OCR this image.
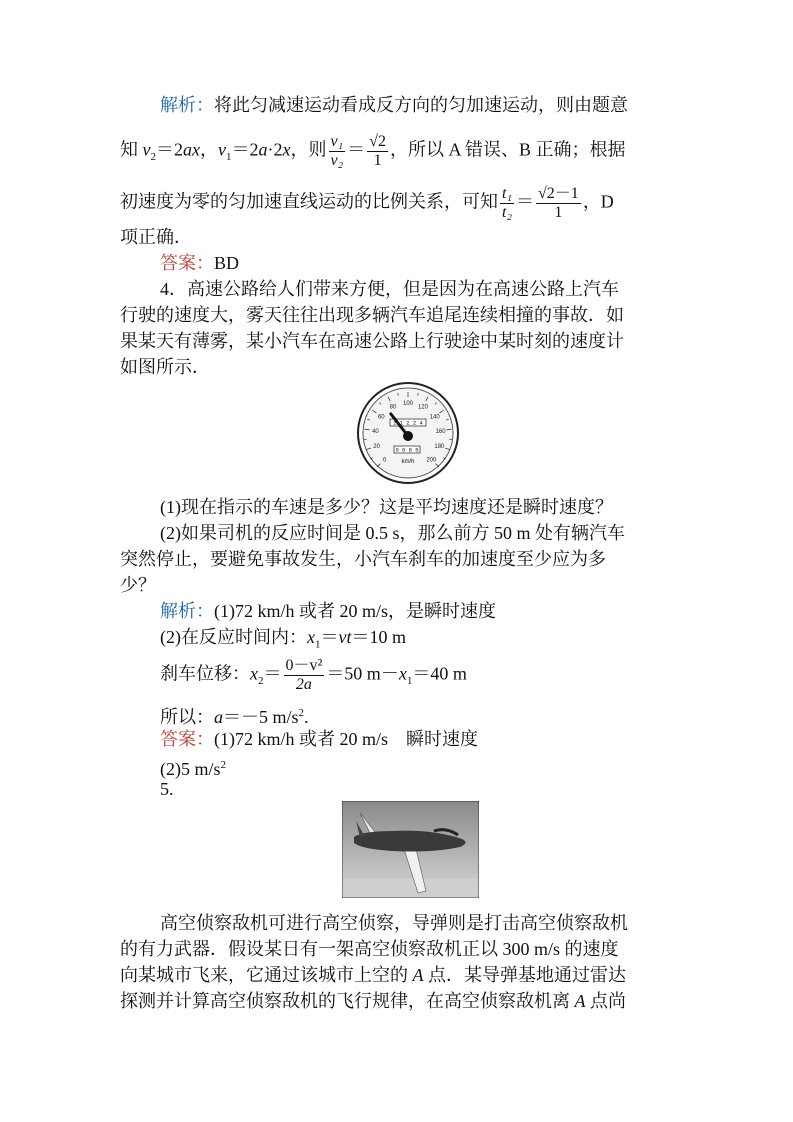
解析：将此匀减速运动看成反方向的匀加速运动，则由题意
知 $v_2=2ax$，$v_1=2a\cdot 2x$，则 $\frac{\text{v₁}}{\text{v₂}} = \frac{√2}{1}$ ，所以 A 错误、B 正确；根据
初速度为零的匀加速直线运动的比例关系，可知 $\frac{\text{t₁}}{\text{t₂}} = \frac{√2-1}{1}$ ，D
项正确．
答案：BD
4．高速公路给人们带来方便，但是因为在高速公路上汽车
行驶的速度大，雾天往往出现多辆汽车追尾连续相撞的事故．如
果某天有薄雾，某小汽车在高速公路上行驶途中某时刻的速度计
如图所示．
0
20
40
60
80
100
120
140
160
180
200
1 1 2 2 4
0 0 8 5
km/h
(1)现在指示的车速是多少？这是平均速度还是瞬时速度？
(2)如果司机的反应时间是 0.5 s，那么前方 50 m 处有辆汽车
突然停止，要避免事故发生，小汽车刹车的加速度至少应为多
少？
解析：(1)72 km/h 或者 20 m/s，是瞬时速度
(2)在反应时间内：$x_1=vt=10$ m
刹车位移：$x_2= \frac{\text{0－v²}}{2a} =50$ $m-x_1=40$ m
所以：a＝－5 $m/s^2$.
答案：(1)72 km/h 或者 20 m/s　瞬时速度
(2)5 $m/s^2$
5.
高空侦察敌机可进行高空侦察，导弹则是打击高空侦察敌机
的有力武器．假设某日有一架高空侦察敌机正以 300 m/s 的速度
向某城市飞来，它通过该城市上空的 A 点．某导弹基地通过雷达
探测并计算高空侦察敌机的飞行规律，在高空侦察敌机离 A 点尚
